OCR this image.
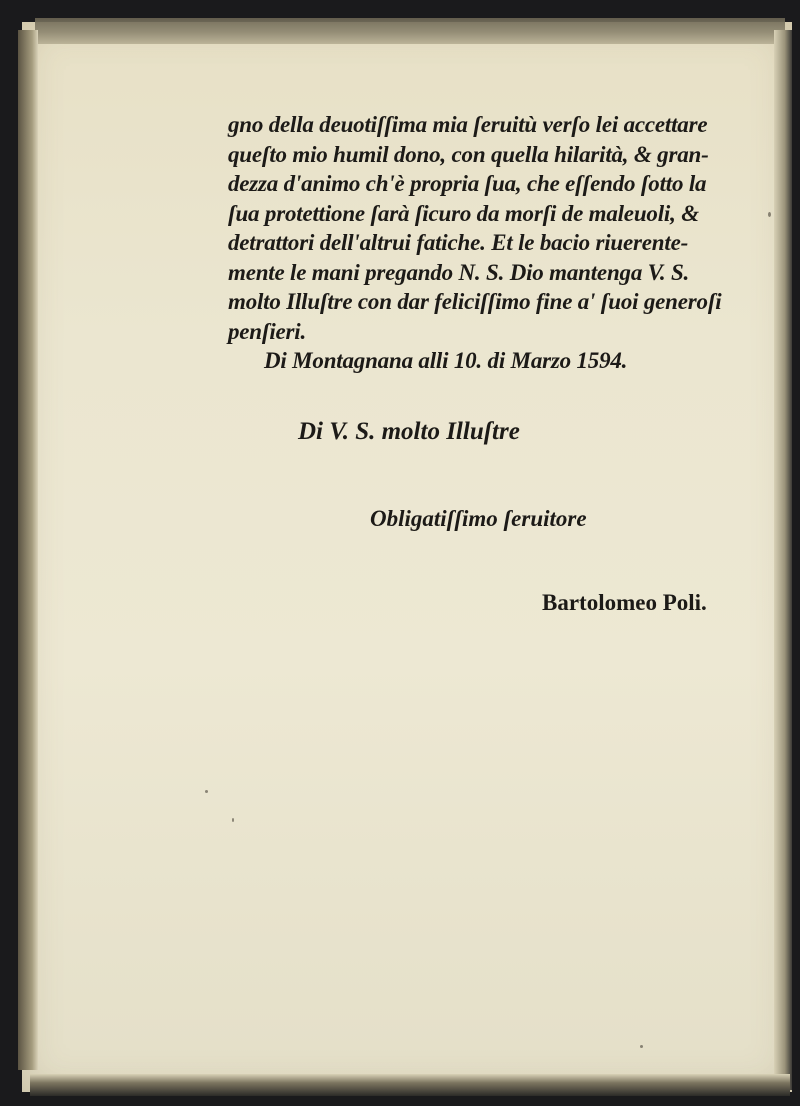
gno della deuotiſſima mia ſeruitù verſo lei accettare
queſto mio humil dono, con quella hilarità, & gran-
dezza d'animo ch'è propria ſua, che eſſendo ſotto la
ſua protettione ſarà ſicuro da morſi de maleuoli, &
detrattori dell'altrui fatiche. Et le bacio riuerente-
mente le mani pregando N. S. Dio mantenga V. S.
molto Illuſtre con dar feliciſſimo fine a' ſuoi generoſi
penſieri.
Di Montagnana alli 10. di Marzo 1594.
Di V. S. molto Illuſtre
Obligatiſſimo ſeruitore
Bartolomeo Poli.
